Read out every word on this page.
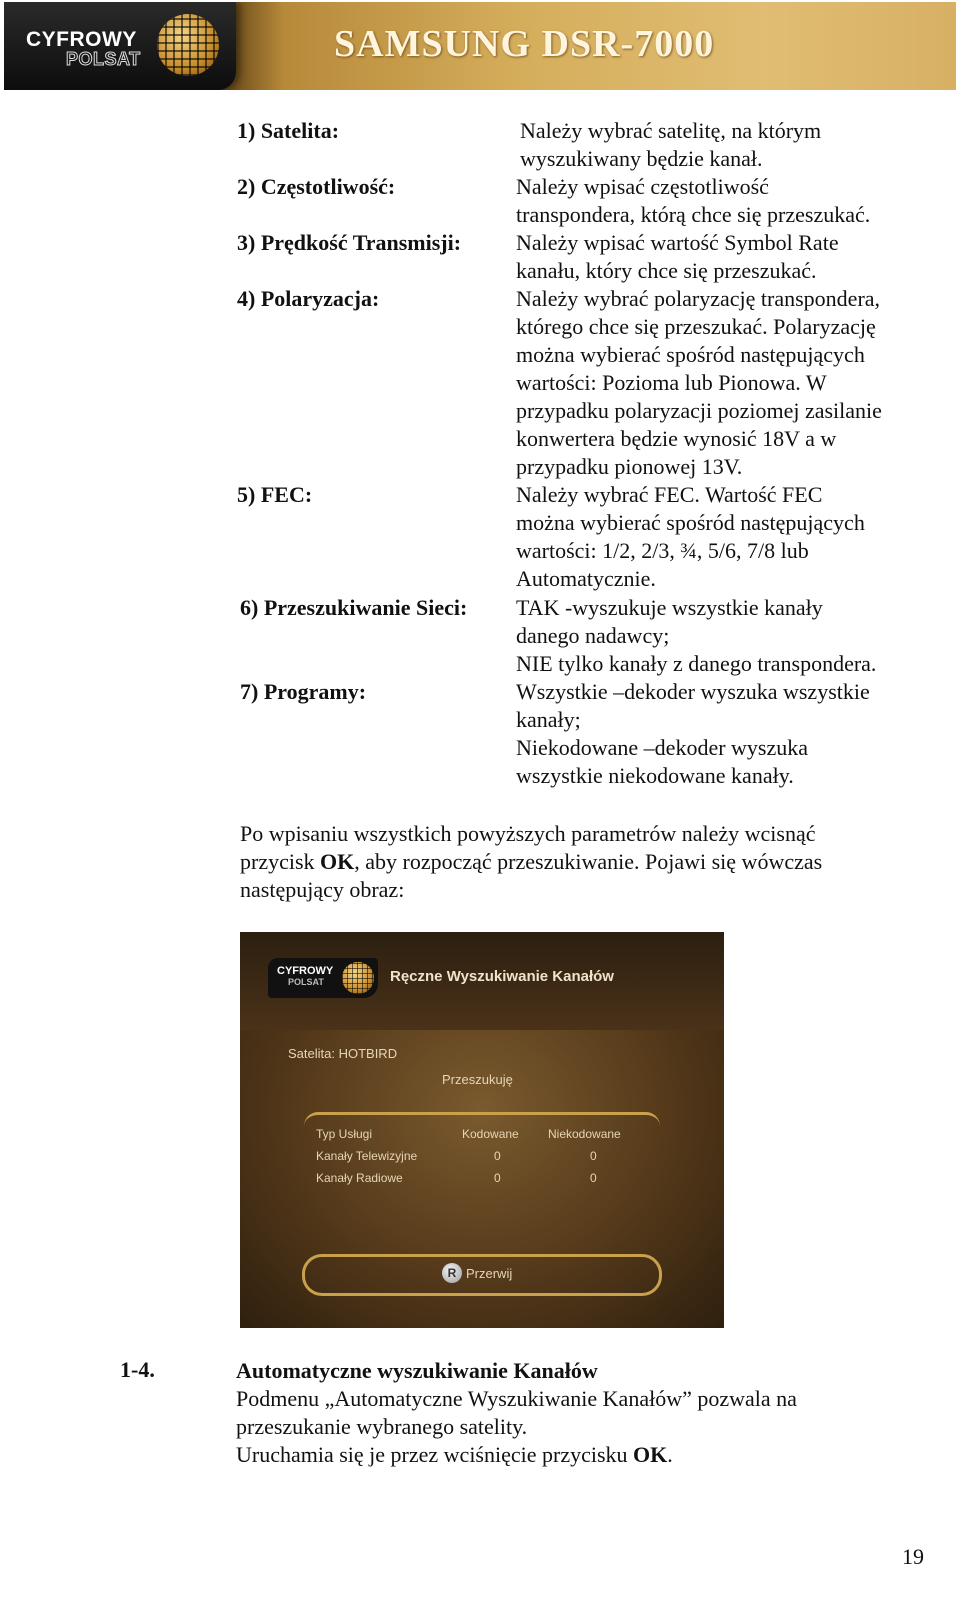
CYFROWY
POLSAT	SAMSUNG DSR-7000
1) Satelita:	Należy wybrać satelitę, na którym
wyszukiwany będzie kanał.
2) Częstotliwość:	Należy wpisać częstotliwość
transpondera, którą chce się przeszukać.
3) Prędkość Transmisji: Należy wpisać wartość Symbol Rate
kanału, który chce się przeszukać.
4) Polaryzacja:	Należy wybrać polaryzację transpondera,
którego chce się przeszukać. Polaryzację
można wybierać spośród następujących
wartości: Pozioma lub Pionowa. W
przypadku polaryzacji poziomej zasilanie
konwertera będzie wynosić 18V a w
przypadku pionowej 13V.
5) FEC:	Należy wybrać FEC. Wartość FEC
można wybierać spośród następujących
wartości: 1/2, 2/3, ¾, 5/6, 7/8 lub
Automatycznie.
6) Przeszukiwanie Sieci: TAK -wyszukuje wszystkie kanały
danego nadawcy;
NIE tylko kanały z danego transpondera.
7) Programy:	Wszystkie –dekoder wyszuka wszystkie
kanały;
Niekodowane –dekoder wyszuka
wszystkie niekodowane kanały.
Po wpisaniu wszystkich powyższych parametrów należy wcisnąć
przycisk OK, aby rozpocząć przeszukiwanie. Pojawi się wówczas
następujący obraz:
CYFROWY
POLSAT	Ręczne Wyszukiwanie Kanałów
Satelita: HOTBIRD
Przeszukuję
Typ Usługi	Kodowane Niekodowane
Kanały Telewizyjne	0	0
Kanały Radiowe	0	0
R Przerwij
1-4.	Automatyczne wyszukiwanie Kanałów
Podmenu „Automatyczne Wyszukiwanie Kanałów” pozwala na
przeszukanie wybranego satelity.
Uruchamia się je przez wciśnięcie przycisku OK.
19
